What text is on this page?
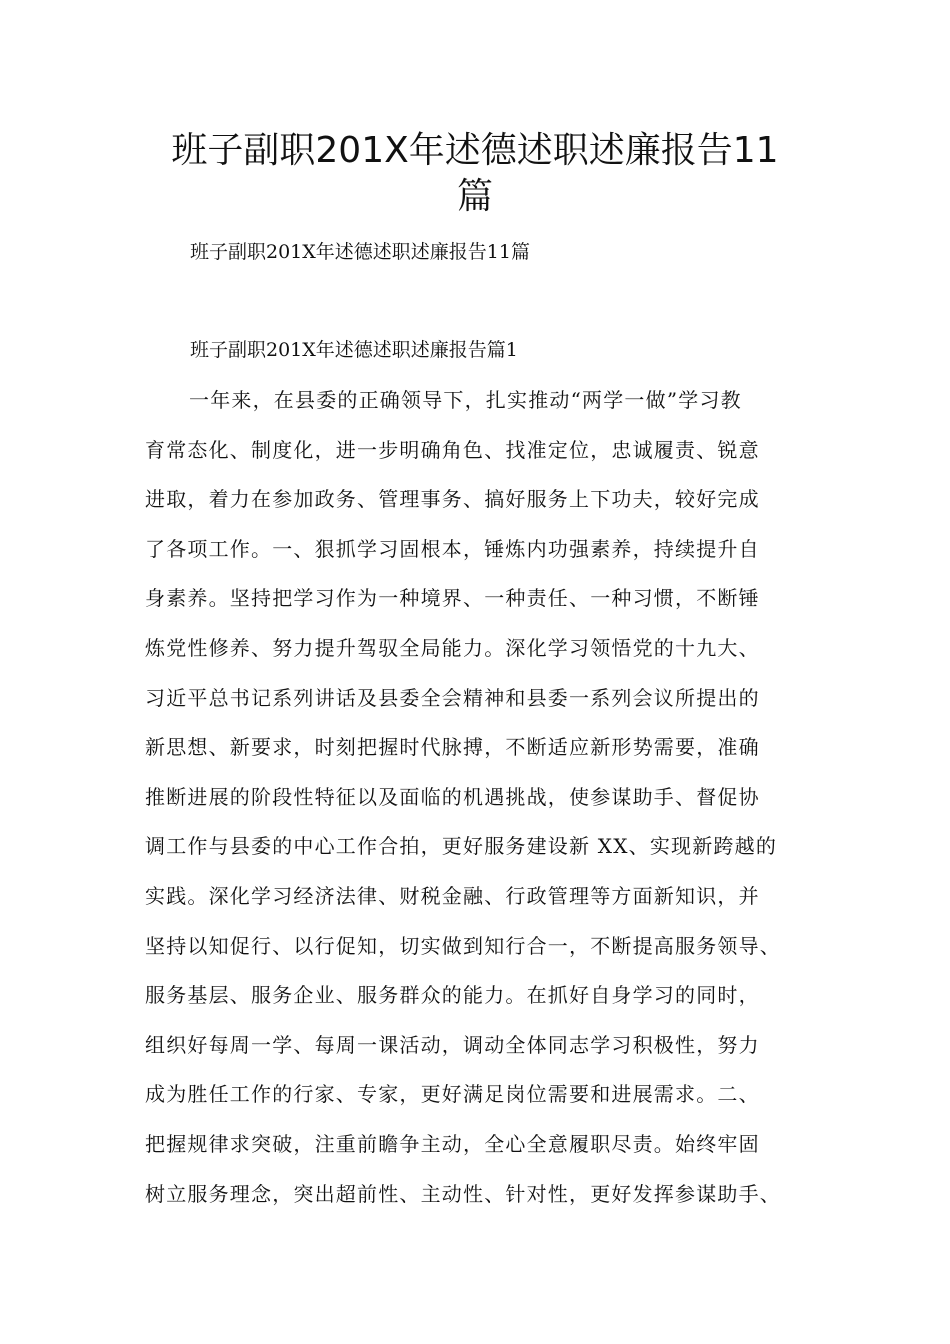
班子副职201X年述德述职述廉报告11
篇

班子副职201X年述德述职述廉报告11篇

班子副职201X年述德述职述廉报告篇1

一年来，在县委的正确领导下，扎实推动“两学一做”学习教
育常态化、制度化，进一步明确角色、找准定位，忠诚履责、锐意
进取，着力在参加政务、管理事务、搞好服务上下功夫，较好完成
了各项工作。一、狠抓学习固根本，锤炼内功强素养，持续提升自
身素养。坚持把学习作为一种境界、一种责任、一种习惯，不断锤
炼党性修养、努力提升驾驭全局能力。深化学习领悟党的十九大、
习近平总书记系列讲话及县委全会精神和县委一系列会议所提出的
新思想、新要求，时刻把握时代脉搏，不断适应新形势需要，准确
推断进展的阶段性特征以及面临的机遇挑战，使参谋助手、督促协
调工作与县委的中心工作合拍，更好服务建设新 XX、实现新跨越的
实践。深化学习经济法律、财税金融、行政管理等方面新知识，并
坚持以知促行、以行促知，切实做到知行合一，不断提高服务领导、
服务基层、服务企业、服务群众的能力。在抓好自身学习的同时，
组织好每周一学、每周一课活动，调动全体同志学习积极性，努力
成为胜任工作的行家、专家，更好满足岗位需要和进展需求。二、
把握规律求突破，注重前瞻争主动，全心全意履职尽责。始终牢固
树立服务理念，突出超前性、主动性、针对性，更好发挥参谋助手、
